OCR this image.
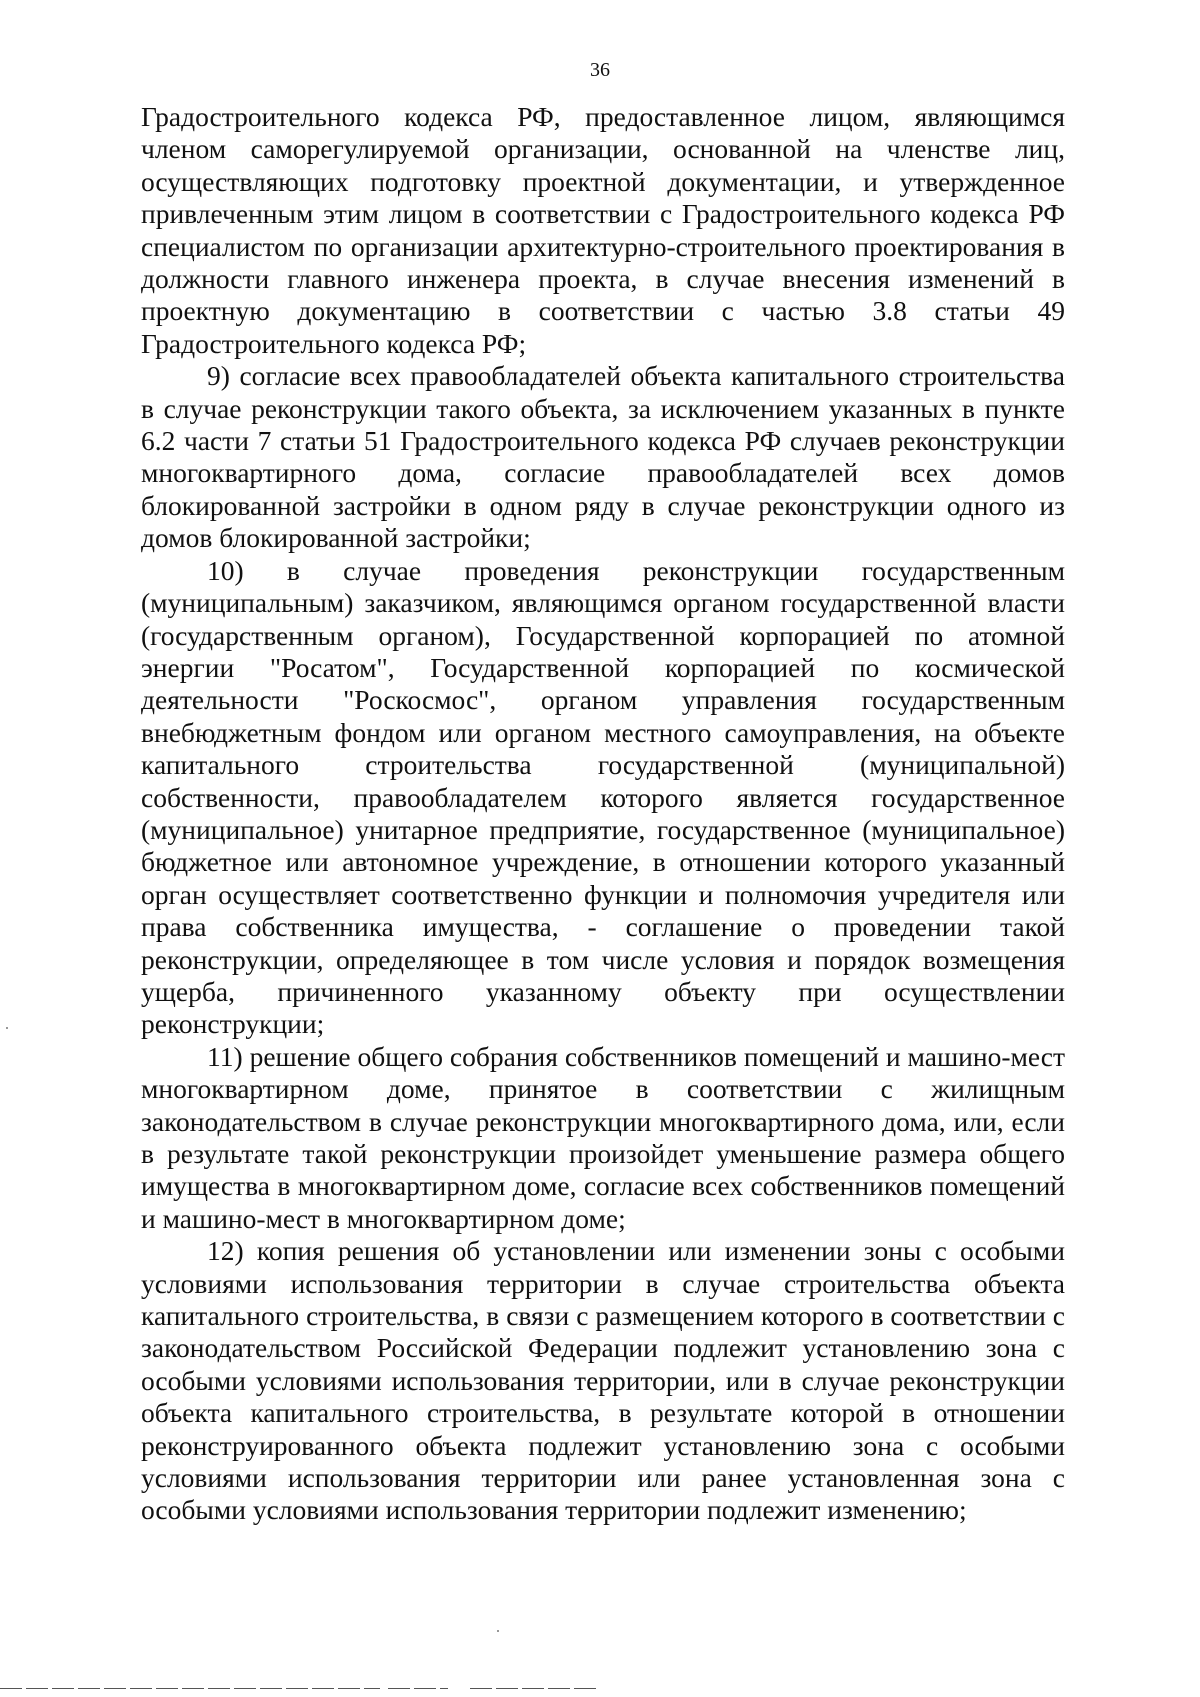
36

Градостроительного кодекса РФ, предоставленное лицом, являющимся членом саморегулируемой организации, основанной на членстве лиц, осуществляющих подготовку проектной документации, и утвержденное привлеченным этим лицом в соответствии с Градостроительного кодекса РФ специалистом по организации архитектурно-строительного проектирования в должности главного инженера проекта, в случае внесения изменений в проектную документацию в соответствии с частью 3.8 статьи 49 Градостроительного кодекса РФ;

9) согласие всех правообладателей объекта капитального строительства в случае реконструкции такого объекта, за исключением указанных в пункте 6.2 части 7 статьи 51 Градостроительного кодекса РФ случаев реконструкции многоквартирного дома, согласие правообладателей всех домов блокированной застройки в одном ряду в случае реконструкции одного из домов блокированной застройки;

10) в случае проведения реконструкции государственным (муниципальным) заказчиком, являющимся органом государственной власти (государственным органом), Государственной корпорацией по атомной энергии "Росатом", Государственной корпорацией по космической деятельности "Роскосмос", органом управления государственным внебюджетным фондом или органом местного самоуправления, на объекте капитального строительства государственной (муниципальной) собственности, правообладателем которого является государственное (муниципальное) унитарное предприятие, государственное (муниципальное) бюджетное или автономное учреждение, в отношении которого указанный орган осуществляет соответственно функции и полномочия учредителя или права собственника имущества, - соглашение о проведении такой реконструкции, определяющее в том числе условия и порядок возмещения ущерба, причиненного указанному объекту при осуществлении реконструкции;

11) решение общего собрания собственников помещений и машино-мест многоквартирном доме, принятое в соответствии с жилищным законодательством в случае реконструкции многоквартирного дома, или, если в результате такой реконструкции произойдет уменьшение размера общего имущества в многоквартирном доме, согласие всех собственников помещений и машино-мест в многоквартирном доме;

12) копия решения об установлении или изменении зоны с особыми условиями использования территории в случае строительства объекта капитального строительства, в связи с размещением которого в соответствии с законодательством Российской Федерации подлежит установлению зона с особыми условиями использования территории, или в случае реконструкции объекта капитального строительства, в результате которой в отношении реконструированного объекта подлежит установлению зона с особыми условиями использования территории или ранее установленная зона с особыми условиями использования территории подлежит изменению;
